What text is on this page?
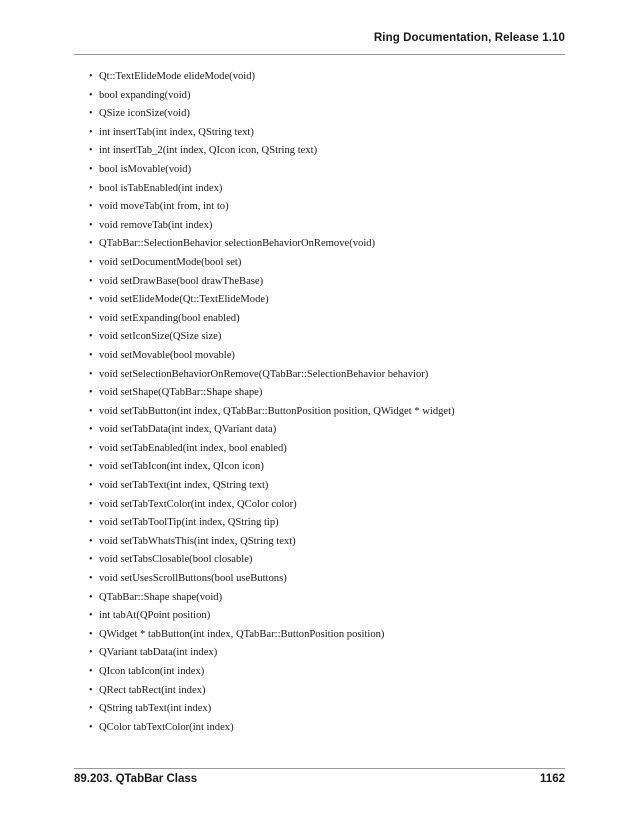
Ring Documentation, Release 1.10
• Qt::TextElideMode elideMode(void)
• bool expanding(void)
• QSize iconSize(void)
• int insertTab(int index, QString text)
• int insertTab_2(int index, QIcon icon, QString text)
• bool isMovable(void)
• bool isTabEnabled(int index)
• void moveTab(int from, int to)
• void removeTab(int index)
• QTabBar::SelectionBehavior selectionBehaviorOnRemove(void)
• void setDocumentMode(bool set)
• void setDrawBase(bool drawTheBase)
• void setElideMode(Qt::TextElideMode)
• void setExpanding(bool enabled)
• void setIconSize(QSize size)
• void setMovable(bool movable)
• void setSelectionBehaviorOnRemove(QTabBar::SelectionBehavior behavior)
• void setShape(QTabBar::Shape shape)
• void setTabButton(int index, QTabBar::ButtonPosition position, QWidget * widget)
• void setTabData(int index, QVariant data)
• void setTabEnabled(int index, bool enabled)
• void setTabIcon(int index, QIcon icon)
• void setTabText(int index, QString text)
• void setTabTextColor(int index, QColor color)
• void setTabToolTip(int index, QString tip)
• void setTabWhatsThis(int index, QString text)
• void setTabsClosable(bool closable)
• void setUsesScrollButtons(bool useButtons)
• QTabBar::Shape shape(void)
• int tabAt(QPoint position)
• QWidget * tabButton(int index, QTabBar::ButtonPosition position)
• QVariant tabData(int index)
• QIcon tabIcon(int index)
• QRect tabRect(int index)
• QString tabText(int index)
• QColor tabTextColor(int index)
89.203. QTabBar Class	1162
